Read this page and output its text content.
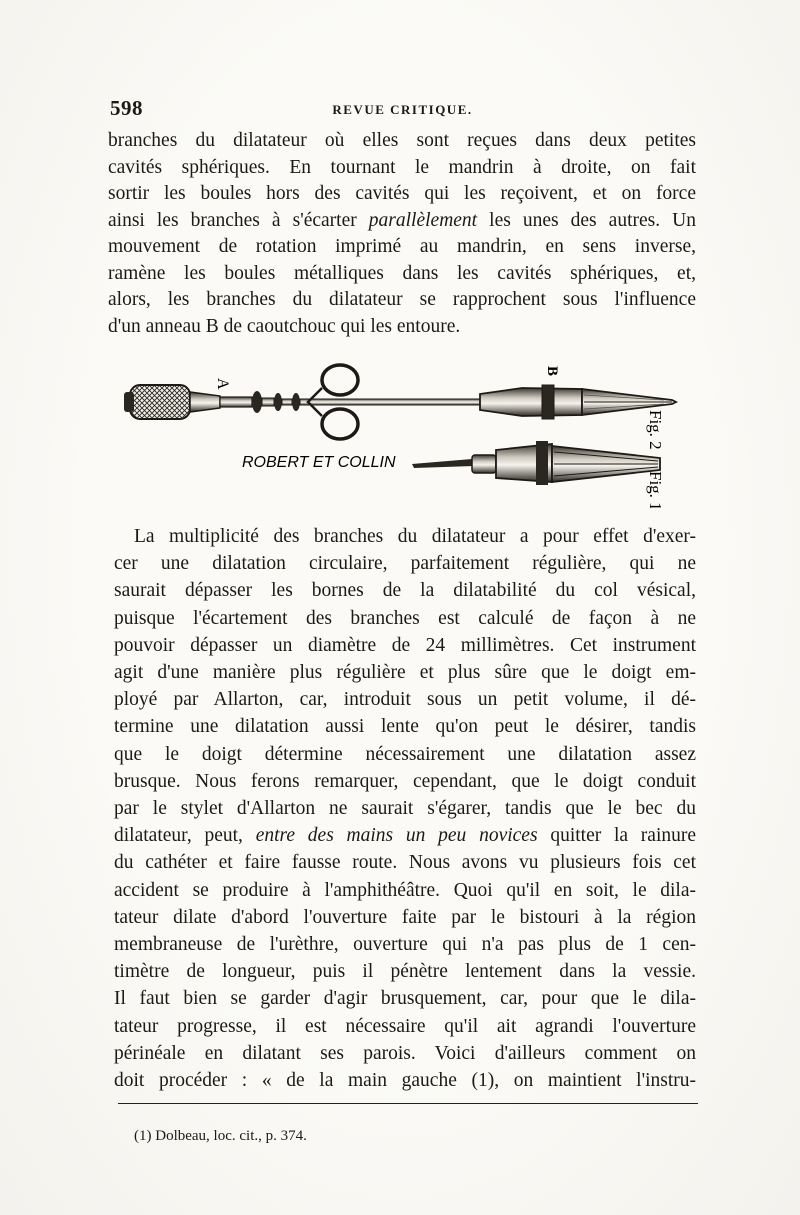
598	REVUE CRITIQUE.
branches du dilatateur où elles sont reçues dans deux petites
cavités sphériques. En tournant le mandrin à droite, on fait
sortir les boules hors des cavités qui les reçoivent, et on force
ainsi les branches à s'écarter parallèlement les unes des autres. Un
mouvement de rotation imprimé au mandrin, en sens inverse,
ramène les boules métalliques dans les cavités sphériques, et,
alors, les branches du dilatateur se rapprochent sous l'influence
d'un anneau B de caoutchouc qui les entoure.
A
B
ROBERT ET COLLIN
Fig. 2
Fig. 1
La multiplicité des branches du dilatateur a pour effet d'exer-
cer une dilatation circulaire, parfaitement régulière, qui ne
saurait dépasser les bornes de la dilatabilité du col vésical,
puisque l'écartement des branches est calculé de façon à ne
pouvoir dépasser un diamètre de 24 millimètres. Cet instrument
agit d'une manière plus régulière et plus sûre que le doigt em-
ployé par Allarton, car, introduit sous un petit volume, il dé-
termine une dilatation aussi lente qu'on peut le désirer, tandis
que le doigt détermine nécessairement une dilatation assez
brusque. Nous ferons remarquer, cependant, que le doigt conduit
par le stylet d'Allarton ne saurait s'égarer, tandis que le bec du
dilatateur, peut, entre des mains un peu novices quitter la rainure
du cathéter et faire fausse route. Nous avons vu plusieurs fois cet
accident se produire à l'amphithéâtre. Quoi qu'il en soit, le dila-
tateur dilate d'abord l'ouverture faite par le bistouri à la région
membraneuse de l'urèthre, ouverture qui n'a pas plus de 1 cen-
timètre de longueur, puis il pénètre lentement dans la vessie.
Il faut bien se garder d'agir brusquement, car, pour que le dila-
tateur progresse, il est nécessaire qu'il ait agrandi l'ouverture
périnéale en dilatant ses parois. Voici d'ailleurs comment on
doit procéder : « de la main gauche (1), on maintient l'instru-
(1) Dolbeau, loc. cit., p. 374.
